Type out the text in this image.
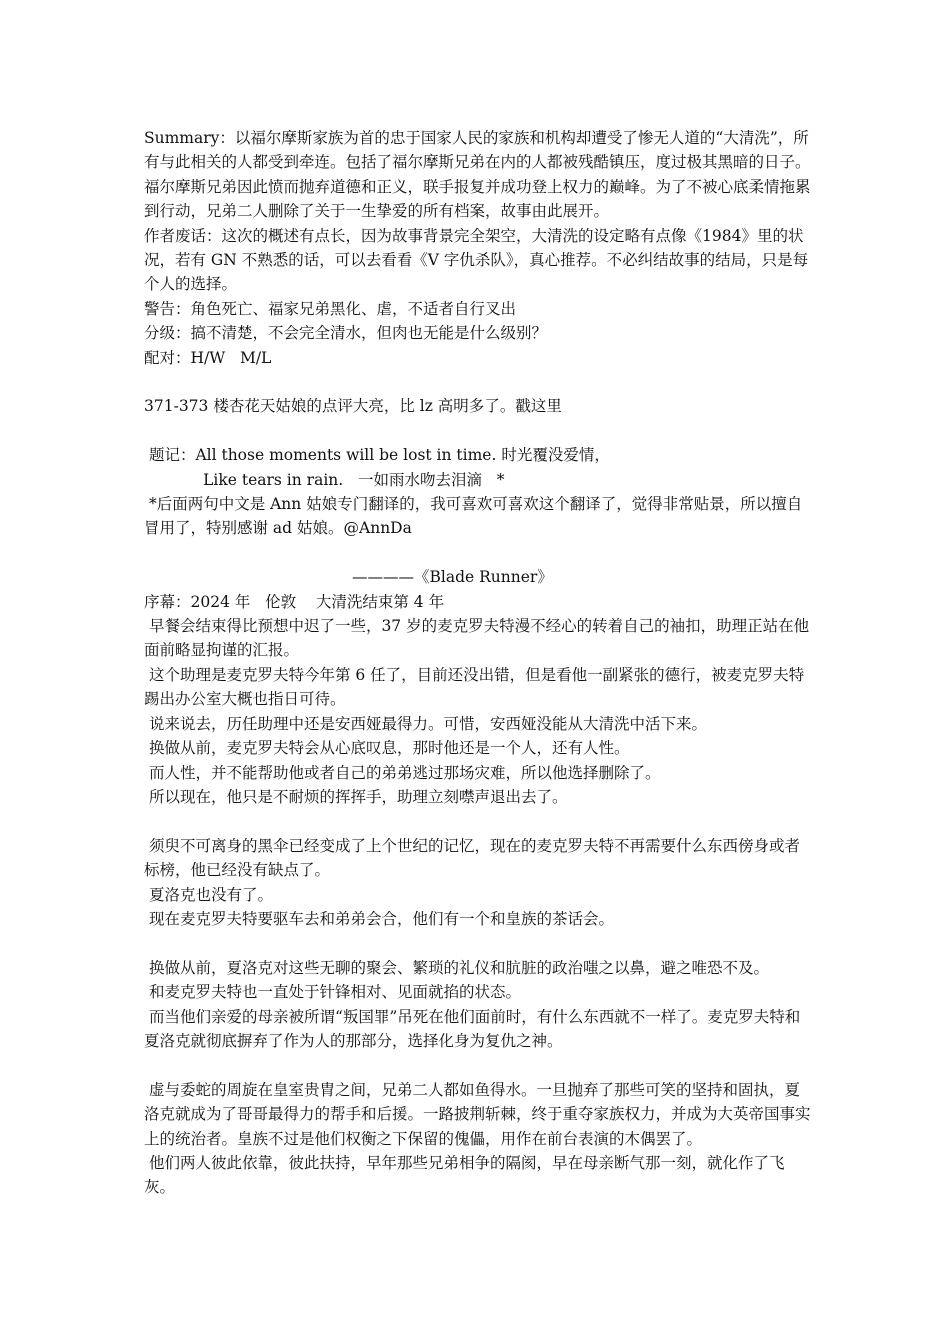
Summary：以福尔摩斯家族为首的忠于国家人民的家族和机构却遭受了惨无人道的“大清洗”，所有与此相关的人都受到牵连。包括了福尔摩斯兄弟在内的人都被残酷镇压，度过极其黑暗的日子。福尔摩斯兄弟因此愤而抛弃道德和正义，联手报复并成功登上权力的巅峰。为了不被心底柔情拖累到行动，兄弟二人删除了关于一生挚爱的所有档案，故事由此展开。

作者废话：这次的概述有点长，因为故事背景完全架空，大清洗的设定略有点像《1984》里的状况，若有 GN 不熟悉的话，可以去看看《V 字仇杀队》，真心推荐。不必纠结故事的结局，只是每个人的选择。

警告：角色死亡、福家兄弟黑化、虐，不适者自行叉出

分级：搞不清楚，不会完全清水，但肉也无能是什么级别？

配对：H/W   M/L

371-373 楼杏花天姑娘的点评大亮，比 lz 高明多了。戳这里

题记：All those moments will be lost in time. 时光覆没爱情，

Like tears in rain.   一如雨水吻去泪滴   *

*后面两句中文是 Ann 姑娘专门翻译的，我可喜欢可喜欢这个翻译了，觉得非常贴景，所以擅自冒用了，特别感谢 ad 姑娘。@AnnDa

————《Blade Runner》

序幕：2024 年   伦敦    大清洗结束第 4 年

早餐会结束得比预想中迟了一些，37 岁的麦克罗夫特漫不经心的转着自己的袖扣，助理正站在他面前略显拘谨的汇报。

这个助理是麦克罗夫特今年第 6 任了，目前还没出错，但是看他一副紧张的德行，被麦克罗夫特踢出办公室大概也指日可待。

说来说去，历任助理中还是安西娅最得力。可惜，安西娅没能从大清洗中活下来。

换做从前，麦克罗夫特会从心底叹息，那时他还是一个人，还有人性。

而人性，并不能帮助他或者自己的弟弟逃过那场灾难，所以他选择删除了。

所以现在，他只是不耐烦的挥挥手，助理立刻噤声退出去了。

须臾不可离身的黑伞已经变成了上个世纪的记忆，现在的麦克罗夫特不再需要什么东西傍身或者标榜，他已经没有缺点了。

夏洛克也没有了。

现在麦克罗夫特要驱车去和弟弟会合，他们有一个和皇族的茶话会。

换做从前，夏洛克对这些无聊的聚会、繁琐的礼仪和肮脏的政治嗤之以鼻，避之唯恐不及。

和麦克罗夫特也一直处于针锋相对、见面就掐的状态。

而当他们亲爱的母亲被所谓“叛国罪”吊死在他们面前时，有什么东西就不一样了。麦克罗夫特和夏洛克就彻底摒弃了作为人的那部分，选择化身为复仇之神。

虚与委蛇的周旋在皇室贵胄之间，兄弟二人都如鱼得水。一旦抛弃了那些可笑的坚持和固执，夏洛克就成为了哥哥最得力的帮手和后援。一路披荆斩棘，终于重夺家族权力，并成为大英帝国事实上的统治者。皇族不过是他们权衡之下保留的傀儡，用作在前台表演的木偶罢了。

他们两人彼此依靠，彼此扶持，早年那些兄弟相争的隔阂，早在母亲断气那一刻，就化作了飞灰。
